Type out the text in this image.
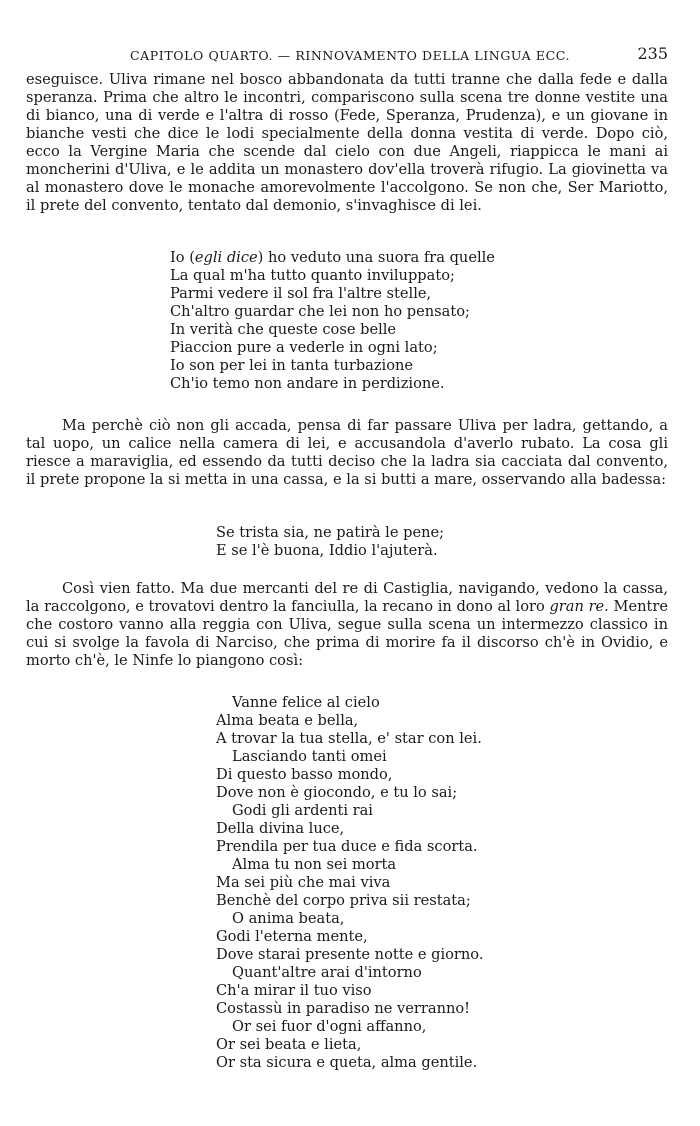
CAPITOLO QUARTO. — RINNOVAMENTO DELLA LINGUA ECC.	235

eseguisce. Uliva rimane nel bosco abbandonata da tutti tranne che dalla fede e dalla speranza. Prima che altro le incontri, compariscono sulla scena tre donne vestite una di bianco, una di verde e l'altra di rosso (Fede, Speranza, Prudenza), e un giovane in bianche vesti che dice le lodi specialmente della donna vestita di verde. Dopo ciò, ecco la Vergine Maria che scende dal cielo con due Angeli, riappicca le mani ai moncherini d'Uliva, e le addita un monastero dov'ella troverà rifugio. La giovinetta va al monastero dove le monache amorevolmente l'accolgono. Se non che, Ser Mariotto, il prete del convento, tentato dal demonio, s'invaghisce di lei.

Io (egli dice) ho veduto una suora fra quelle
La qual m'ha tutto quanto inviluppato;
Parmi vedere il sol fra l'altre stelle,
Ch'altro guardar che lei non ho pensato;
In verità che queste cose belle
Piaccion pure a vederle in ogni lato;
Io son per lei in tanta turbazione
Ch'io temo non andare in perdizione.

Ma perchè ciò non gli accada, pensa di far passare Uliva per ladra, gettando, a tal uopo, un calice nella camera di lei, e accusandola d'averlo rubato. La cosa gli riesce a maraviglia, ed essendo da tutti deciso che la ladra sia cacciata dal convento, il prete propone la si metta in una cassa, e la si butti a mare, osservando alla badessa:

Se trista sia, ne patirà le pene;
E se l'è buona, Iddio l'ajuterà.

Così vien fatto. Ma due mercanti del re di Castiglia, navigando, vedono la cassa, la raccolgono, e trovatovi dentro la fanciulla, la recano in dono al loro gran re. Mentre che costoro vanno alla reggia con Uliva, segue sulla scena un intermezzo classico in cui si svolge la favola di Narciso, che prima di morire fa il discorso ch'è in Ovidio, e morto ch'è, le Ninfe lo piangono così:

Vanne felice al cielo
Alma beata e bella,
A trovar la tua stella, e' star con lei.
Lasciando tanti omei
Di questo basso mondo,
Dove non è giocondo, e tu lo sai;
Godi gli ardenti rai
Della divina luce,
Prendila per tua duce e fida scorta.
Alma tu non sei morta
Ma sei più che mai viva
Benchè del corpo priva sii restata;
O anima beata,
Godi l'eterna mente,
Dove starai presente notte e giorno.
Quant'altre arai d'intorno
Ch'a mirar il tuo viso
Costassù in paradiso ne verranno!
Or sei fuor d'ogni affanno,
Or sei beata e lieta,
Or sta sicura e queta, alma gentile.
